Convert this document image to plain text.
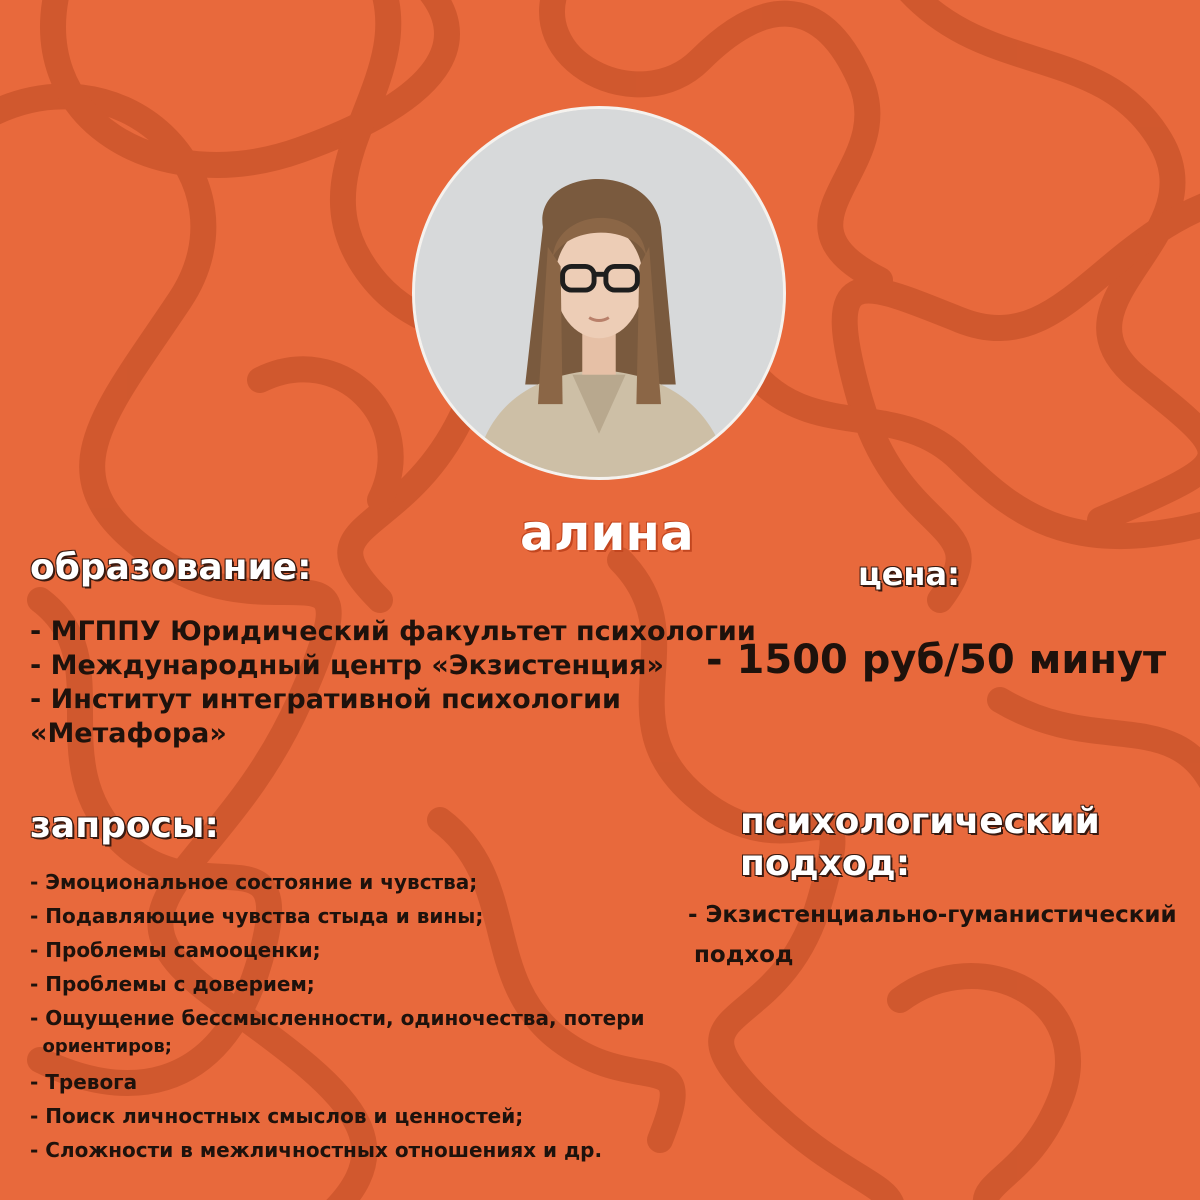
алина
образование:
- МГППУ Юридический факультет психологии
- Международный центр «Экзистенция»
- Институт интегративной психологии
«Метафора»
цена:
- 1500 руб/50 минут
запросы:
- Эмоциональное состояние и чувства;
- Подавляющие чувства стыда и вины;
- Проблемы самооценки;
- Проблемы с доверием;
- Ощущение бессмысленности, одиночества, потери
ориентиров;
- Тревога
- Поиск личностных смыслов и ценностей;
- Сложности в межличностных отношениях и др.
психологический
подход:
- Экзистенциально-гуманистический
подход
